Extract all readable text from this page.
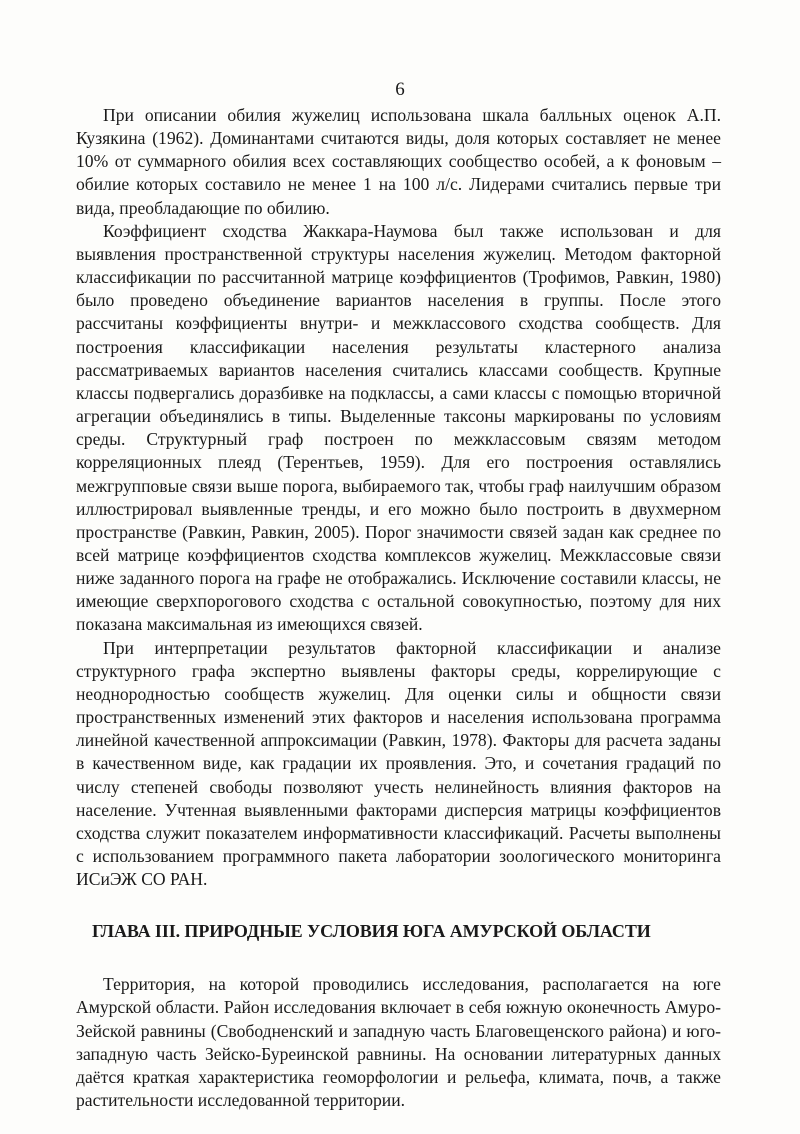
6

При описании обилия жужелиц использована шкала балльных оценок А.П. Кузякина (1962). Доминантами считаются виды, доля которых составляет не менее 10% от суммарного обилия всех составляющих сообщество особей, а к фоновым – обилие которых составило не менее 1 на 100 л/с. Лидерами считались первые три вида, преобладающие по обилию.

Коэффициент сходства Жаккара-Наумова был также использован и для выявления пространственной структуры населения жужелиц. Методом факторной классификации по рассчитанной матрице коэффициентов (Трофимов, Равкин, 1980) было проведено объединение вариантов населения в группы. После этого рассчитаны коэффициенты внутри- и межклассового сходства сообществ. Для построения классификации населения результаты кластерного анализа рассматриваемых вариантов населения считались классами сообществ. Крупные классы подвергались доразбивке на подклассы, а сами классы с помощью вторичной агрегации объединялись в типы. Выделенные таксоны маркированы по условиям среды. Структурный граф построен по межклассовым связям методом корреляционных плеяд (Терентьев, 1959). Для его построения оставлялись межгрупповые связи выше порога, выбираемого так, чтобы граф наилучшим образом иллюстрировал выявленные тренды, и его можно было построить в двухмерном пространстве (Равкин, Равкин, 2005). Порог значимости связей задан как среднее по всей матрице коэффициентов сходства комплексов жужелиц. Межклассовые связи ниже заданного порога на графе не отображались. Исключение составили классы, не имеющие сверхпорогового сходства с остальной совокупностью, поэтому для них показана максимальная из имеющихся связей.

При интерпретации результатов факторной классификации и анализе структурного графа экспертно выявлены факторы среды, коррелирующие с неоднородностью сообществ жужелиц. Для оценки силы и общности связи пространственных изменений этих факторов и населения использована программа линейной качественной аппроксимации (Равкин, 1978). Факторы для расчета заданы в качественном виде, как градации их проявления. Это, и сочетания градаций по числу степеней свободы позволяют учесть нелинейность влияния факторов на население. Учтенная выявленными факторами дисперсия матрицы коэффициентов сходства служит показателем информативности классификаций. Расчеты выполнены с использованием программного пакета лаборатории зоологического мониторинга ИСиЭЖ СО РАН.

ГЛАВА III. ПРИРОДНЫЕ УСЛОВИЯ ЮГА АМУРСКОЙ ОБЛАСТИ

Территория, на которой проводились исследования, располагается на юге Амурской области. Район исследования включает в себя южную оконечность Амуро-Зейской равнины (Свободненский и западную часть Благовещенского района) и юго-западную часть Зейско-Буреинской равнины. На основании литературных данных даётся краткая характеристика геоморфологии и рельефа, климата, почв, а также растительности исследованной территории.
